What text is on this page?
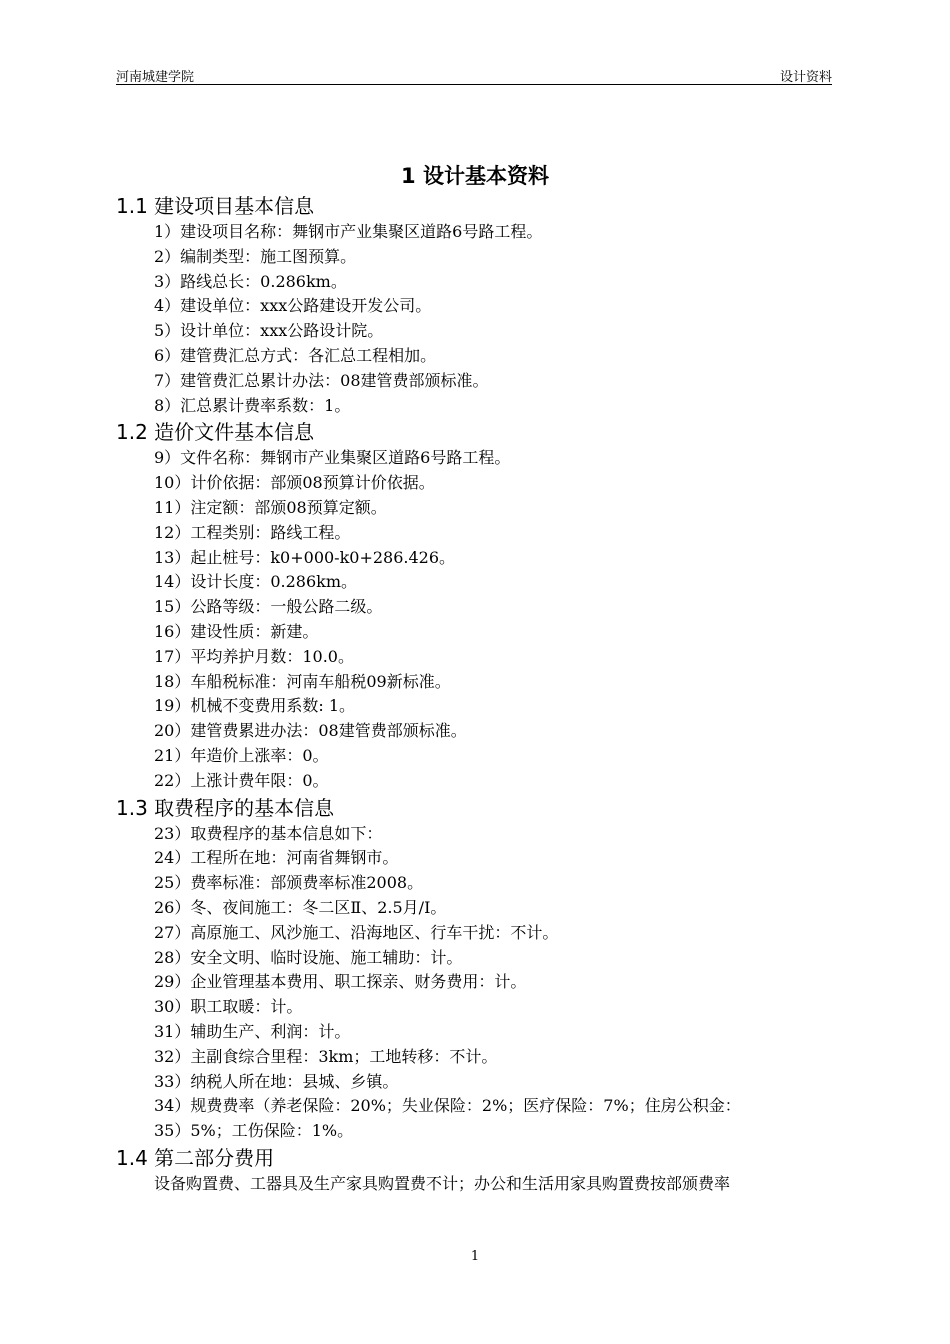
河南城建学院	设计资料
1 设计基本资料
1.1 建设项目基本信息
1）建设项目名称：舞钢市产业集聚区道路6号路工程。
2）编制类型：施工图预算。
3）路线总长：0.286km。
4）建设单位：xxx公路建设开发公司。
5）设计单位：xxx公路设计院。
6）建管费汇总方式：各汇总工程相加。
7）建管费汇总累计办法：08建管费部颁标准。
8）汇总累计费率系数：1。
1.2 造价文件基本信息
9）文件名称：舞钢市产业集聚区道路6号路工程。
10）计价依据：部颁08预算计价依据。
11）注定额：部颁08预算定额。
12）工程类别：路线工程。
13）起止桩号：k0+000-k0+286.426。
14）设计长度：0.286km。
15）公路等级：一般公路二级。
16）建设性质：新建。
17）平均养护月数：10.0。
18）车船税标准：河南车船税09新标准。
19）机械不变费用系数: 1。
20）建管费累进办法：08建管费部颁标准。
21）年造价上涨率：0。
22）上涨计费年限：0。
1.3 取费程序的基本信息
23）取费程序的基本信息如下：
24）工程所在地：河南省舞钢市。
25）费率标准：部颁费率标准2008。
26）冬、夜间施工：冬二区Ⅱ、2.5月/Ⅰ。
27）高原施工、风沙施工、沿海地区、行车干扰：不计。
28）安全文明、临时设施、施工辅助：计。
29）企业管理基本费用、职工探亲、财务费用：计。
30）职工取暖：计。
31）辅助生产、利润：计。
32）主副食综合里程：3km；工地转移：不计。
33）纳税人所在地：县城、乡镇。
34）规费费率（养老保险：20%；失业保险：2%；医疗保险：7%；住房公积金：
35）5%；工伤保险：1%。
1.4 第二部分费用
设备购置费、工器具及生产家具购置费不计；办公和生活用家具购置费按部颁费率
1
